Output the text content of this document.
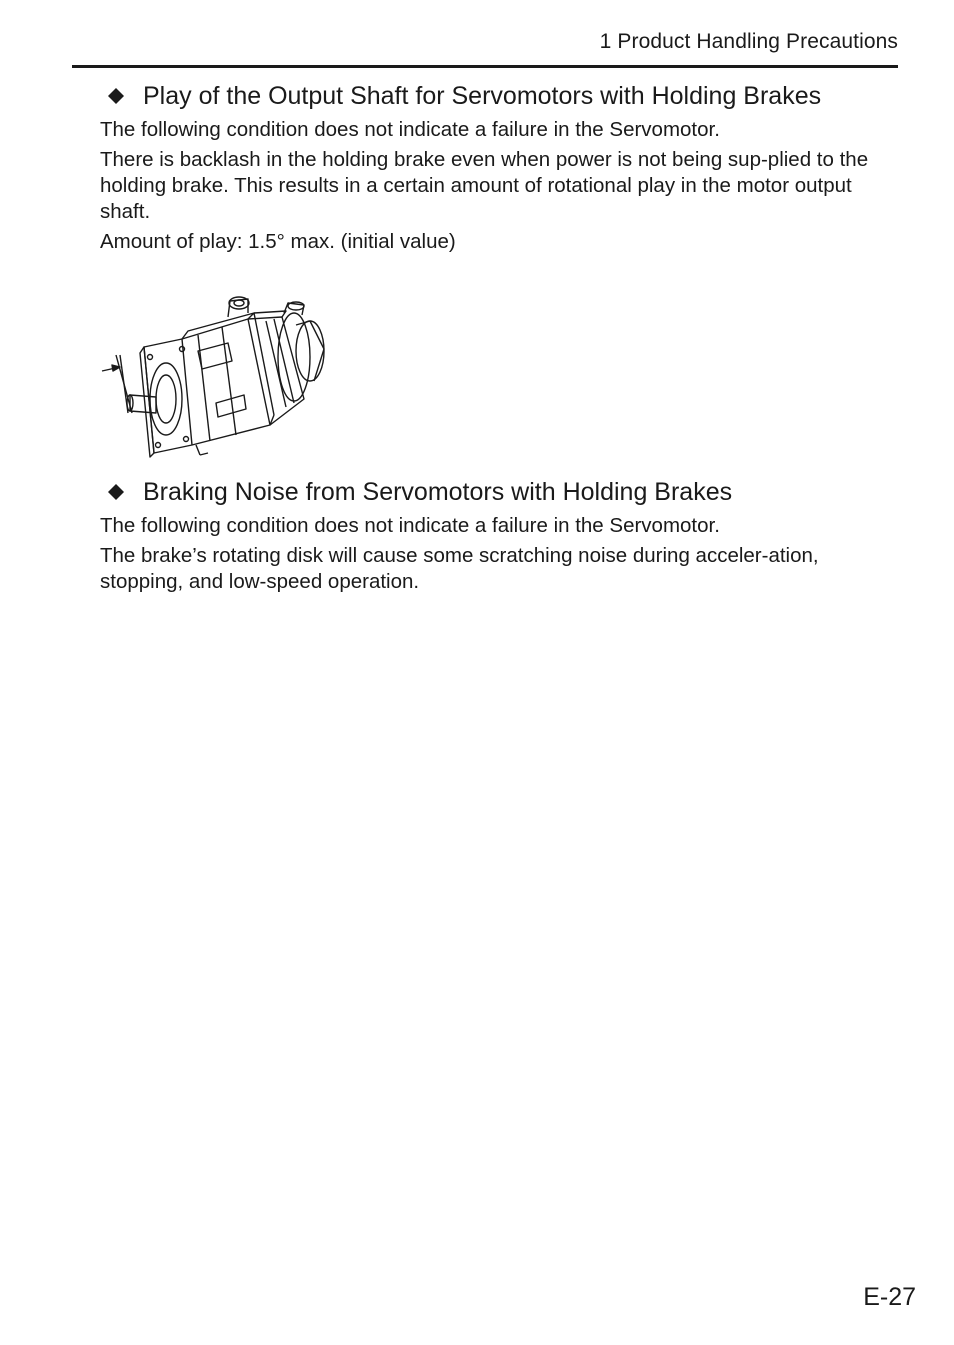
1 Product Handling Precautions
Play of the Output Shaft for Servomotors with Holding Brakes

The following condition does not indicate a failure in the Servomotor.

There is backlash in the holding brake even when power is not being sup-plied to the holding brake. This results in a certain amount of rotational play in the motor output shaft.

Amount of play: 1.5° max. (initial value)

Braking Noise from Servomotors with Holding Brakes

The following condition does not indicate a failure in the Servomotor.

The brake’s rotating disk will cause some scratching noise during acceler-ation, stopping, and low-speed operation.

E-27
